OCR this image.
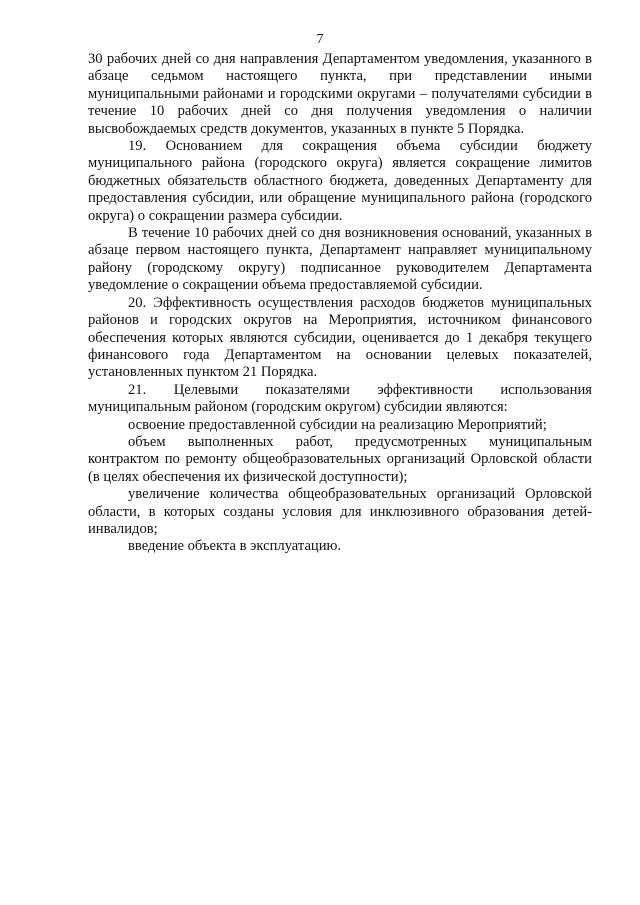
7

30 рабочих дней со дня направления Департаментом уведомления, указанного в абзаце седьмом настоящего пункта, при представлении иными муниципальными районами и городскими округами – получателями субсидии в течение 10 рабочих дней со дня получения уведомления о наличии высвобождаемых средств документов, указанных в пункте 5 Порядка.

19. Основанием для сокращения объема субсидии бюджету муниципального района (городского округа) является сокращение лимитов бюджетных обязательств областного бюджета, доведенных Департаменту для предоставления субсидии, или обращение муниципального района (городского округа) о сокращении размера субсидии.

В течение 10 рабочих дней со дня возникновения оснований, указанных в абзаце первом настоящего пункта, Департамент направляет муниципальному району (городскому округу) подписанное руководителем Департамента уведомление о сокращении объема предоставляемой субсидии.

20. Эффективность осуществления расходов бюджетов муниципальных районов и городских округов на Мероприятия, источником финансового обеспечения которых являются субсидии, оценивается до 1 декабря текущего финансового года Департаментом на основании целевых показателей, установленных пунктом 21 Порядка.

21. Целевыми показателями эффективности использования муниципальным районом (городским округом) субсидии являются:

освоение предоставленной субсидии на реализацию Мероприятий;

объем выполненных работ, предусмотренных муниципальным контрактом по ремонту общеобразовательных организаций Орловской области (в целях обеспечения их физической доступности);

увеличение количества общеобразовательных организаций Орловской области, в которых созданы условия для инклюзивного образования детей-инвалидов;

введение объекта в эксплуатацию.
